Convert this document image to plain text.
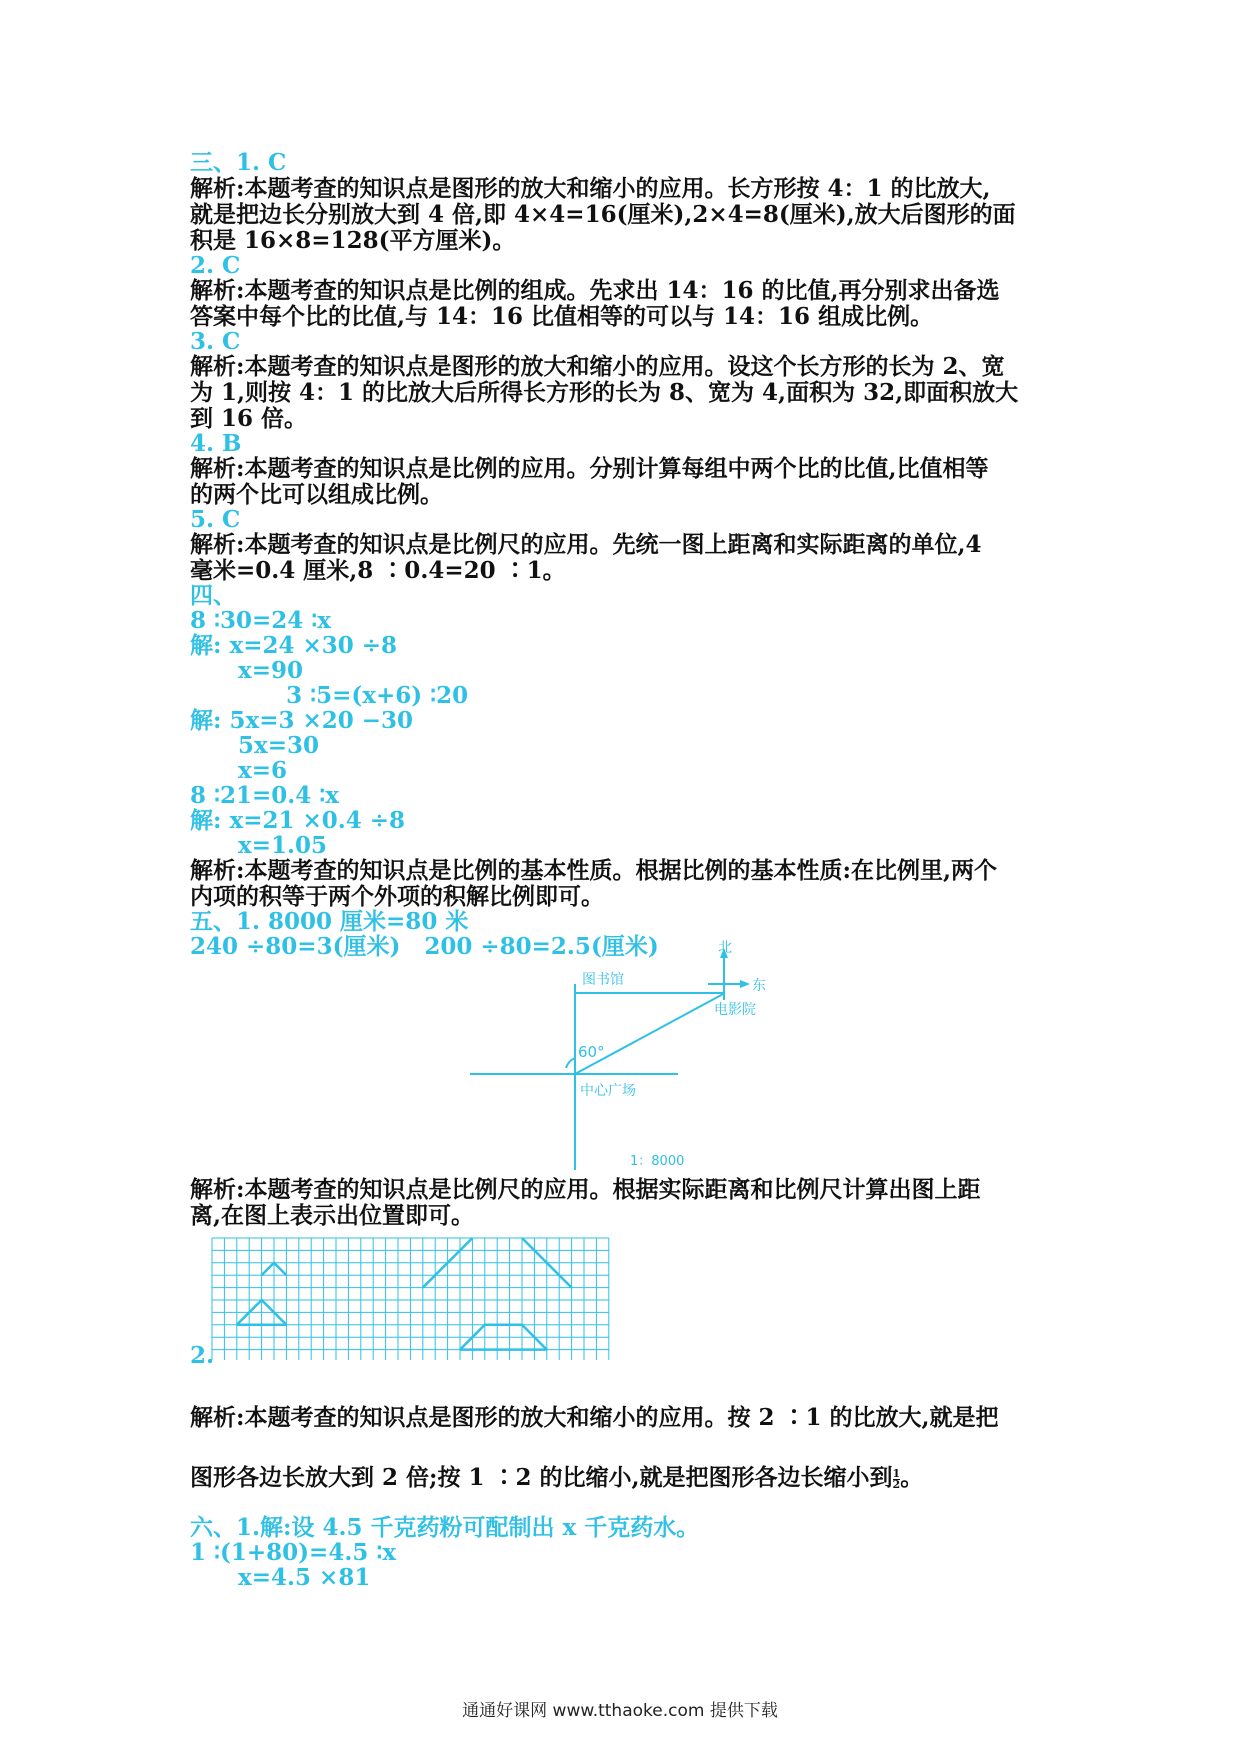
三、1. C
解析:本题考查的知识点是图形的放大和缩小的应用。长方形按 4：1 的比放大,
就是把边长分别放大到 4 倍,即 4×4=16(厘米),2×4=8(厘米),放大后图形的面
积是 16×8=128(平方厘米)。
2. C
解析:本题考查的知识点是比例的组成。先求出 14：16 的比值,再分别求出备选
答案中每个比的比值,与 14：16 比值相等的可以与 14：16 组成比例。
3. C
解析:本题考查的知识点是图形的放大和缩小的应用。设这个长方形的长为 2、宽
为 1,则按 4：1 的比放大后所得长方形的长为 8、宽为 4,面积为 32,即面积放大
到 16 倍。
4. B
解析:本题考查的知识点是比例的应用。分别计算每组中两个比的比值,比值相等
的两个比可以组成比例。
5. C
解析:本题考查的知识点是比例尺的应用。先统一图上距离和实际距离的单位,4
毫米=0.4 厘米,8 ∶0.4=20 ∶1。
四、
8 ∶30=24 ∶x
解: x=24 ×30 ÷8
x=90
3 ∶5=(x+6) ∶20
解: 5x=3 ×20 −30
5x=30
x=6
8 ∶21=0.4 ∶x
解: x=21 ×0.4 ÷8
x=1.05
解析:本题考查的知识点是比例的基本性质。根据比例的基本性质:在比例里,两个
内项的积等于两个外项的积解比例即可。
五、1. 8000 厘米=80 米
240 ÷80=3(厘米)   200 ÷80=2.5(厘米)
解析:本题考查的知识点是比例尺的应用。根据实际距离和比例尺计算出图上距
离,在图上表示出位置即可。
解析:本题考查的知识点是图形的放大和缩小的应用。按 2 ∶1 的比放大,就是把
六、1.解:设 4.5 千克药粉可配制出 x 千克药水。
1 ∶(1+80)=4.5 ∶x
x=4.5 ×81
图形各边长放大到 2 倍;按 1 ∶2 的比缩小,就是把图形各边长缩小到 $\frac{1}{2}$ 。
北
东
图书馆
电影院
60°
中心广场
1：8000
2.
通通好课网 www.tthaoke.com 提供下载
